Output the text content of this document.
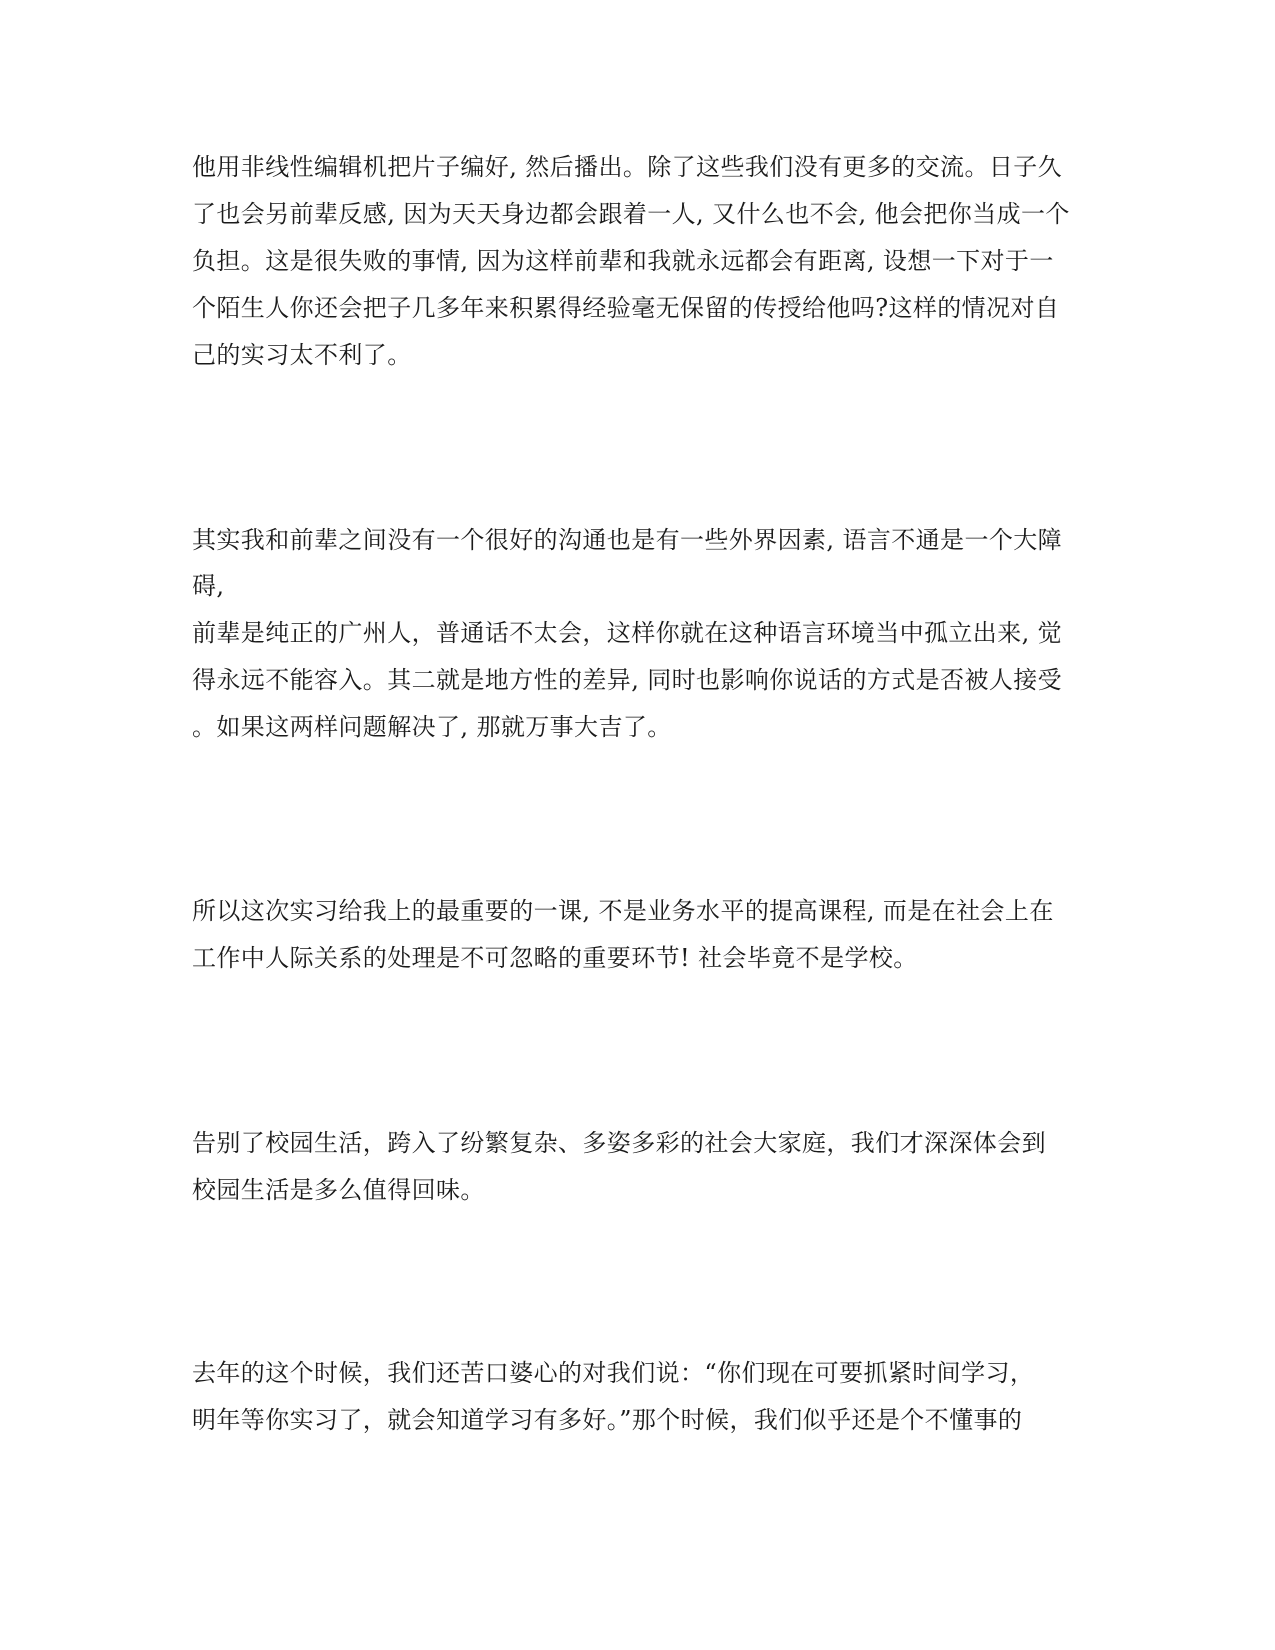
他用非线性编辑机把片子编好, 然后播出。除了这些我们没有更多的交流。日子久
了也会另前辈反感, 因为天天身边都会跟着一人, 又什么也不会, 他会把你当成一个
负担。这是很失败的事情, 因为这样前辈和我就永远都会有距离, 设想一下对于一
个陌生人你还会把子几多年来积累得经验毫无保留的传授给他吗?这样的情况对自
己的实习太不利了。
其实我和前辈之间没有一个很好的沟通也是有一些外界因素, 语言不通是一个大障
碍,
前辈是纯正的广州人，普通话不太会，这样你就在这种语言环境当中孤立出来, 觉
得永远不能容入。其二就是地方性的差异, 同时也影响你说话的方式是否被人接受
。如果这两样问题解决了, 那就万事大吉了。
所以这次实习给我上的最重要的一课, 不是业务水平的提高课程, 而是在社会上在
工作中人际关系的处理是不可忽略的重要环节! 社会毕竟不是学校。
告别了校园生活，跨入了纷繁复杂、多姿多彩的社会大家庭，我们才深深体会到
校园生活是多么值得回味。
去年的这个时候，我们还苦口婆心的对我们说：“你们现在可要抓紧时间学习，
明年等你实习了，就会知道学习有多好。”那个时候，我们似乎还是个不懂事的
